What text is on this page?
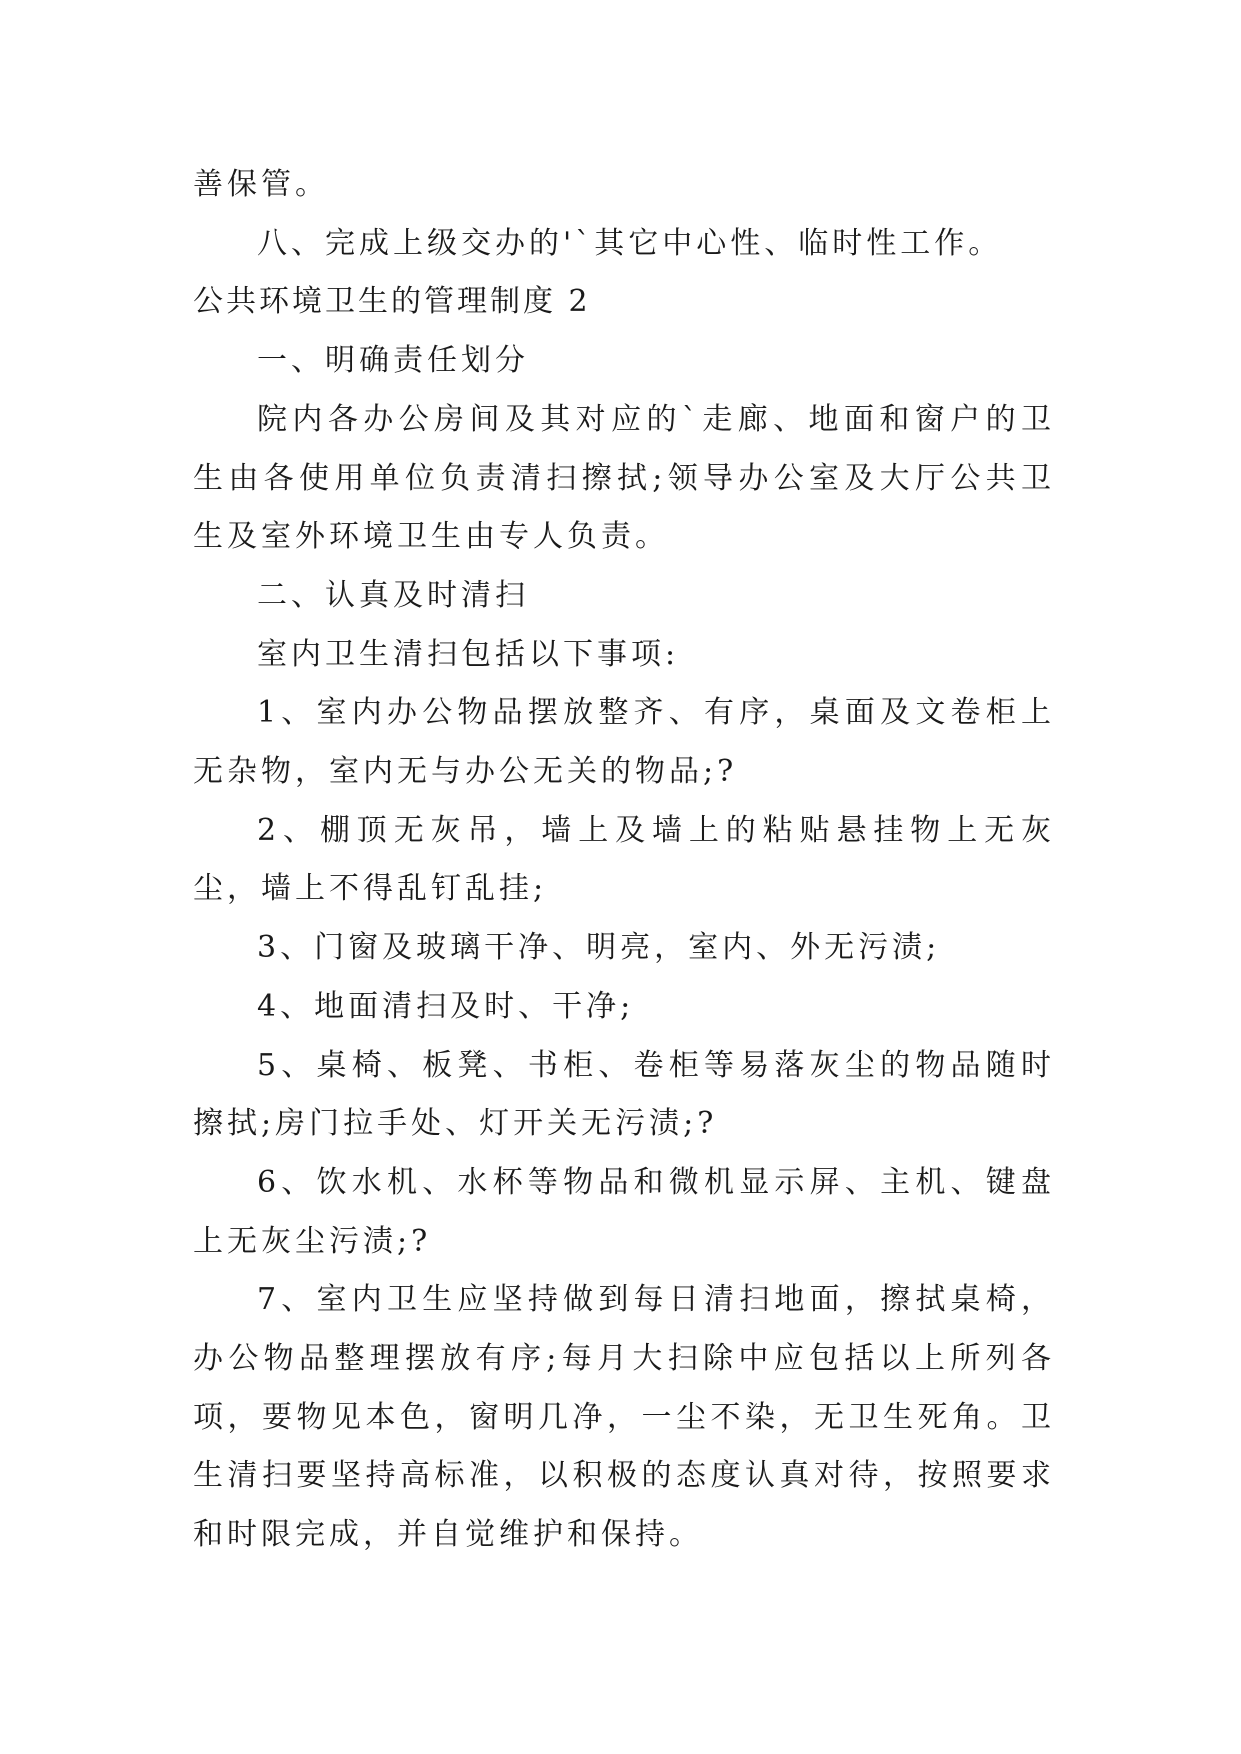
善保管。

八、完成上级交办的'`其它中心性、临时性工作。

公共环境卫生的管理制度 2

一、明确责任划分

院内各办公房间及其对应的`走廊、地面和窗户的卫生由各使用单位负责清扫擦拭;领导办公室及大厅公共卫生及室外环境卫生由专人负责。

二、认真及时清扫

室内卫生清扫包括以下事项:

1、室内办公物品摆放整齐、有序，桌面及文卷柜上无杂物，室内无与办公无关的物品;?

2、棚顶无灰吊，墙上及墙上的粘贴悬挂物上无灰尘，墙上不得乱钉乱挂;

3、门窗及玻璃干净、明亮，室内、外无污渍;

4、地面清扫及时、干净;

5、桌椅、板凳、书柜、卷柜等易落灰尘的物品随时擦拭;房门拉手处、灯开关无污渍;?

6、饮水机、水杯等物品和微机显示屏、主机、键盘上无灰尘污渍;?

7、室内卫生应坚持做到每日清扫地面，擦拭桌椅，办公物品整理摆放有序;每月大扫除中应包括以上所列各项，要物见本色，窗明几净，一尘不染，无卫生死角。卫生清扫要坚持高标准，以积极的态度认真对待，按照要求和时限完成，并自觉维护和保持。
